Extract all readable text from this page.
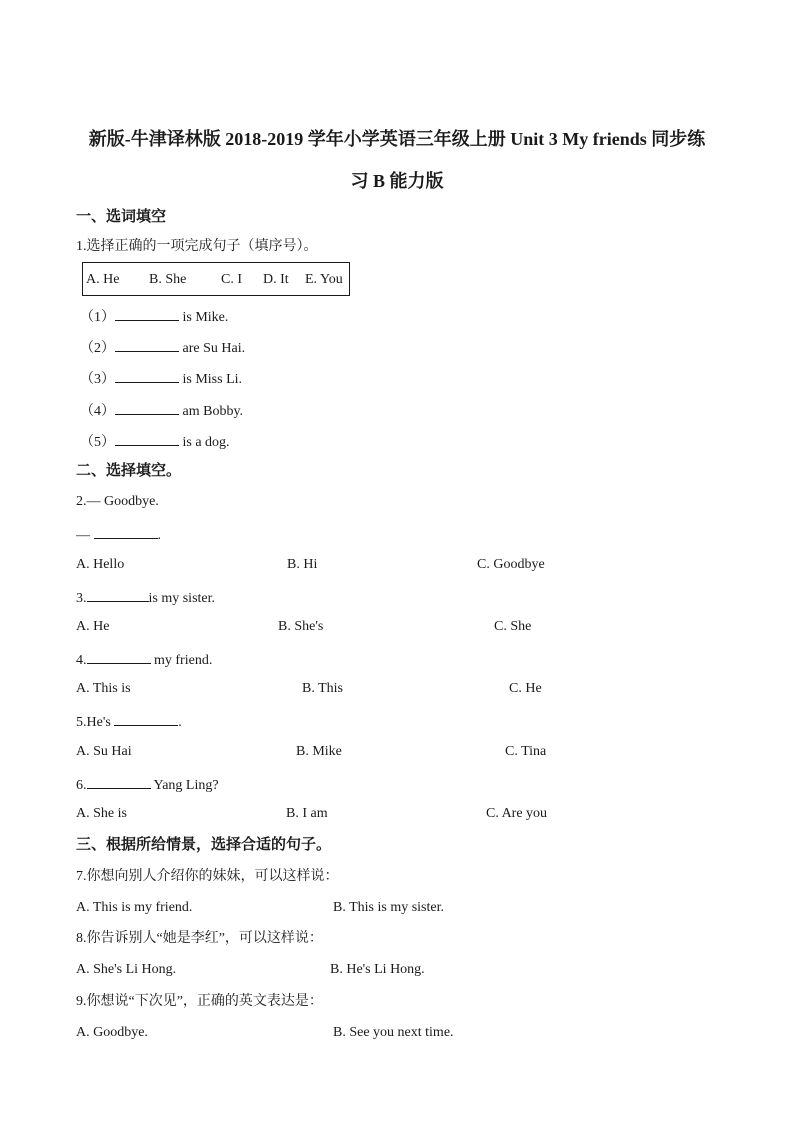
新版-牛津译林版 2018-2019 学年小学英语三年级上册 Unit 3 My friends 同步练
习 B 能力版
一、选词填空
1.选择正确的一项完成句子（填序号）。
A. He B. She C. I D. It E. You
（1）	is Mike.
（2）	are Su Hai.
（3）	is Miss Li.
（4）	am Bobby.
（5）	is a dog.
二、选择填空。
2.— Goodbye.
—	.
A. Hello	B. Hi	C. Goodbye
3.	is my sister.
A. He	B. She's	C. She
4.	my friend.
A. This is	B. This	C. He
5.He's	.
A. Su Hai	B. Mike	C. Tina
6.	Yang Ling?
A. She is	B. I am	C. Are you
三、根据所给情景，选择合适的句子。
7.你想向别人介绍你的妹妹，可以这样说：
A. This is my friend.	B. This is my sister.
8.你告诉别人“她是李红”，可以这样说：
A. She's Li Hong.	B. He's Li Hong.
9.你想说“下次见”，正确的英文表达是：
A. Goodbye.	B. See you next time.
